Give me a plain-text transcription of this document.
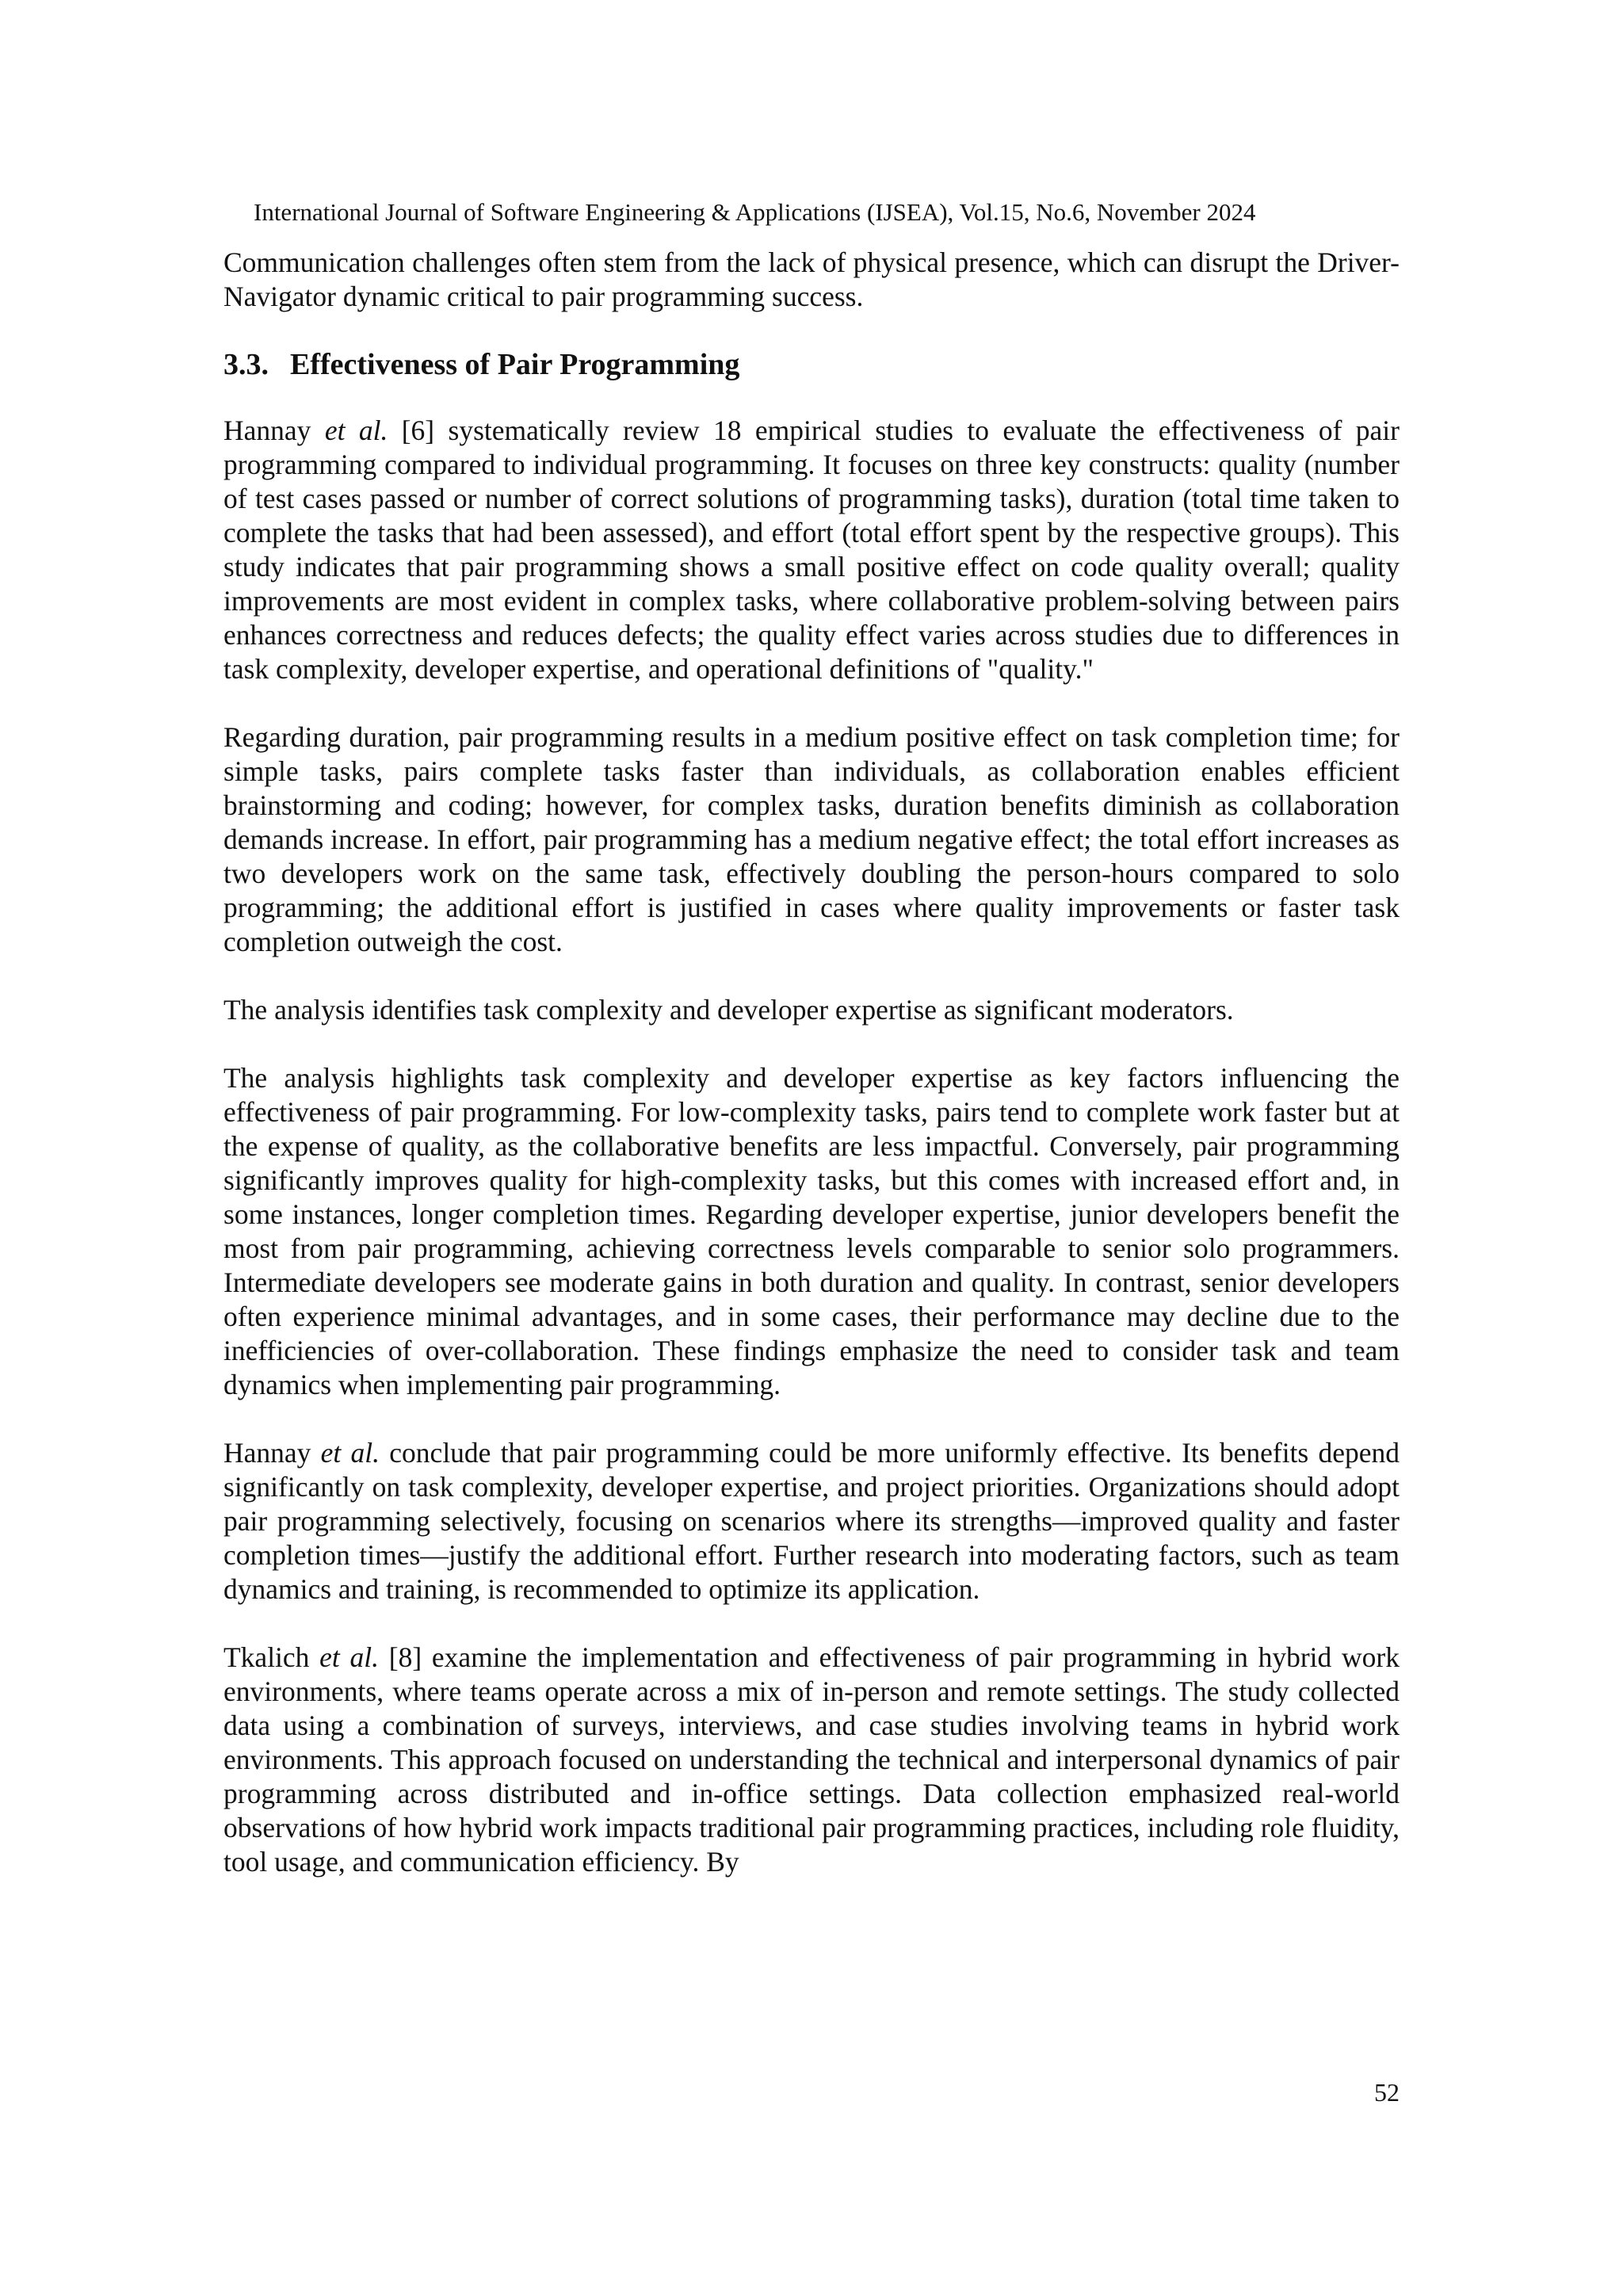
International Journal of Software Engineering & Applications (IJSEA), Vol.15, No.6, November 2024

Communication challenges often stem from the lack of physical presence, which can disrupt the Driver-Navigator dynamic critical to pair programming success.

3.3. Effectiveness of Pair Programming

Hannay et al. [6] systematically review 18 empirical studies to evaluate the effectiveness of pair programming compared to individual programming. It focuses on three key constructs: quality (number of test cases passed or number of correct solutions of programming tasks), duration (total time taken to complete the tasks that had been assessed), and effort (total effort spent by the respective groups). This study indicates that pair programming shows a small positive effect on code quality overall; quality improvements are most evident in complex tasks, where collaborative problem-solving between pairs enhances correctness and reduces defects; the quality effect varies across studies due to differences in task complexity, developer expertise, and operational definitions of "quality."

Regarding duration, pair programming results in a medium positive effect on task completion time; for simple tasks, pairs complete tasks faster than individuals, as collaboration enables efficient brainstorming and coding; however, for complex tasks, duration benefits diminish as collaboration demands increase. In effort, pair programming has a medium negative effect; the total effort increases as two developers work on the same task, effectively doubling the person-hours compared to solo programming; the additional effort is justified in cases where quality improvements or faster task completion outweigh the cost.

The analysis identifies task complexity and developer expertise as significant moderators.

The analysis highlights task complexity and developer expertise as key factors influencing the effectiveness of pair programming. For low-complexity tasks, pairs tend to complete work faster but at the expense of quality, as the collaborative benefits are less impactful. Conversely, pair programming significantly improves quality for high-complexity tasks, but this comes with increased effort and, in some instances, longer completion times. Regarding developer expertise, junior developers benefit the most from pair programming, achieving correctness levels comparable to senior solo programmers. Intermediate developers see moderate gains in both duration and quality. In contrast, senior developers often experience minimal advantages, and in some cases, their performance may decline due to the inefficiencies of over-collaboration. These findings emphasize the need to consider task and team dynamics when implementing pair programming.

Hannay et al. conclude that pair programming could be more uniformly effective. Its benefits depend significantly on task complexity, developer expertise, and project priorities. Organizations should adopt pair programming selectively, focusing on scenarios where its strengths—improved quality and faster completion times—justify the additional effort. Further research into moderating factors, such as team dynamics and training, is recommended to optimize its application.

Tkalich et al. [8] examine the implementation and effectiveness of pair programming in hybrid work environments, where teams operate across a mix of in-person and remote settings. The study collected data using a combination of surveys, interviews, and case studies involving teams in hybrid work environments. This approach focused on understanding the technical and interpersonal dynamics of pair programming across distributed and in-office settings. Data collection emphasized real-world observations of how hybrid work impacts traditional pair programming practices, including role fluidity, tool usage, and communication efficiency. By

52
